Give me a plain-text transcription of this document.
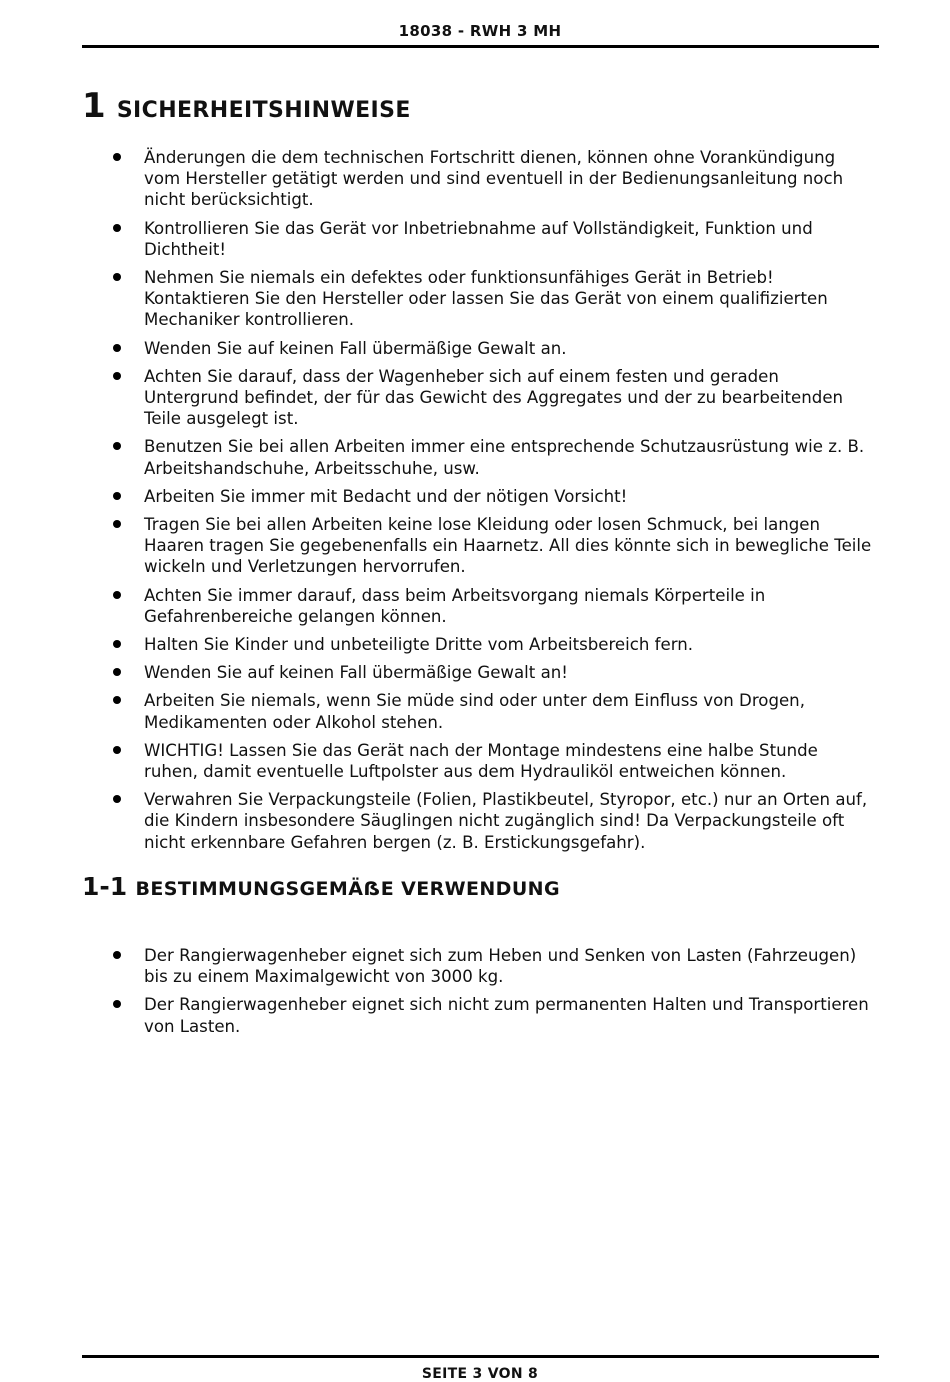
18038 - RWH 3 MH
1 SICHERHEITSHINWEISE
Änderungen die dem technischen Fortschritt dienen, können ohne Vorankündigung vom Hersteller getätigt werden und sind eventuell in der Bedienungsanleitung noch nicht berücksichtigt.
Kontrollieren Sie das Gerät vor Inbetriebnahme auf Vollständigkeit, Funktion und Dichtheit!
Nehmen Sie niemals ein defektes oder funktionsunfähiges Gerät in Betrieb! Kontaktieren Sie den Hersteller oder lassen Sie das Gerät von einem qualifizierten Mechaniker kontrollieren.
Wenden Sie auf keinen Fall übermäßige Gewalt an.
Achten Sie darauf, dass der Wagenheber sich auf einem festen und geraden Untergrund befindet, der für das Gewicht des Aggregates und der zu bearbeitenden Teile ausgelegt ist.
Benutzen Sie bei allen Arbeiten immer eine entsprechende Schutzausrüstung wie z. B. Arbeitshandschuhe, Arbeitsschuhe, usw.
Arbeiten Sie immer mit Bedacht und der nötigen Vorsicht!
Tragen Sie bei allen Arbeiten keine lose Kleidung oder losen Schmuck, bei langen Haaren tragen Sie gegebenenfalls ein Haarnetz. All dies könnte sich in bewegliche Teile wickeln und Verletzungen hervorrufen.
Achten Sie immer darauf, dass beim Arbeitsvorgang niemals Körperteile in Gefahrenbereiche gelangen können.
Halten Sie Kinder und unbeteiligte Dritte vom Arbeitsbereich fern.
Wenden Sie auf keinen Fall übermäßige Gewalt an!
Arbeiten Sie niemals, wenn Sie müde sind oder unter dem Einfluss von Drogen, Medikamenten oder Alkohol stehen.
WICHTIG! Lassen Sie das Gerät nach der Montage mindestens eine halbe Stunde ruhen, damit eventuelle Luftpolster aus dem Hydrauliköl entweichen können.
Verwahren Sie Verpackungsteile (Folien, Plastikbeutel, Styropor, etc.) nur an Orten auf, die Kindern insbesondere Säuglingen nicht zugänglich sind! Da Verpackungsteile oft nicht erkennbare Gefahren bergen (z. B. Erstickungsgefahr).
1-1 BESTIMMUNGSGEMÄẞE VERWENDUNG
Der Rangierwagenheber eignet sich zum Heben und Senken von Lasten (Fahrzeugen) bis zu einem Maximalgewicht von 3000 kg.
Der Rangierwagenheber eignet sich nicht zum permanenten Halten und Transportieren von Lasten.
SEITE 3 VON 8
